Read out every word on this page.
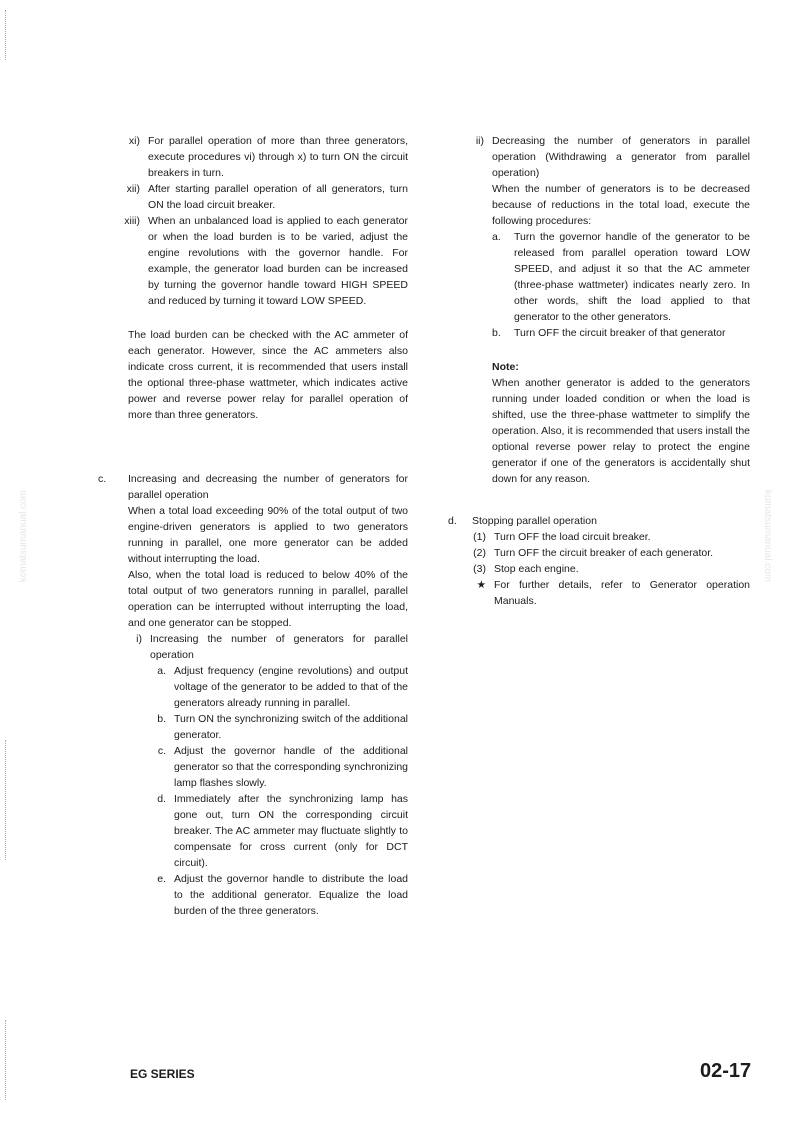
komatsumanual.com	komatsumanual.com
xi) For parallel operation of more than three generators, execute procedures vi) through x) to turn ON the circuit breakers in turn.
xii) After starting parallel operation of all generators, turn ON the load circuit breaker.
xiii) When an unbalanced load is applied to each generator or when the load burden is to be varied, adjust the engine revolutions with the governor handle. For example, the generator load burden can be increased by turning the governor handle toward HIGH SPEED and reduced by turning it toward LOW SPEED.

The load burden can be checked with the AC ammeter of each generator. However, since the AC ammeters also indicate cross current, it is recommended that users install the optional three-phase wattmeter, which indicates active power and reverse power relay for parallel operation of more than three generators.

c.	Increasing and decreasing the number of generators for parallel operation

When a total load exceeding 90% of the total output of two engine-driven generators is applied to two generators running in parallel, one more generator can be added without interrupting the load.

Also, when the total load is reduced to below 40% of the total output of two generators running in parallel, parallel operation can be interrupted without interrupting the load, and one generator can be stopped.

i) Increasing the number of generators for parallel operation
a. Adjust frequency (engine revolutions) and output voltage of the generator to be added to that of the generators already running in parallel.
b. Turn ON the synchronizing switch of the additional generator.
c. Adjust the governor handle of the additional generator so that the corresponding synchronizing lamp flashes slowly.
d. Immediately after the synchronizing lamp has gone out, turn ON the corresponding circuit breaker. The AC ammeter may fluctuate slightly to compensate for cross current (only for DCT circuit).
e. Adjust the governor handle to distribute the load to the additional generator. Equalize the load burden of the three generators.
ii) Decreasing the number of generators in parallel operation (Withdrawing a generator from parallel operation)

When the number of generators is to be decreased because of reductions in the total load, execute the following procedures:

a.	Turn the governor handle of the generator to be released from parallel operation toward LOW SPEED, and adjust it so that the AC ammeter (three-phase wattmeter) indicates nearly zero. In other words, shift the load applied to that generator to the other generators.
b.	Turn OFF the circuit breaker of that generator

Note:

When another generator is added to the generators running under loaded condition or when the load is shifted, use the three-phase wattmeter to simplify the operation. Also, it is recommended that users install the optional reverse power relay to protect the engine generator if one of the generators is accidentally shut down for any reason.

d.	Stopping parallel operation
(1) Turn OFF the load circuit breaker.
(2) Turn OFF the circuit breaker of each generator.
(3) Stop each engine.
★ For further details, refer to Generator operation Manuals.
EG SERIES	02-17
